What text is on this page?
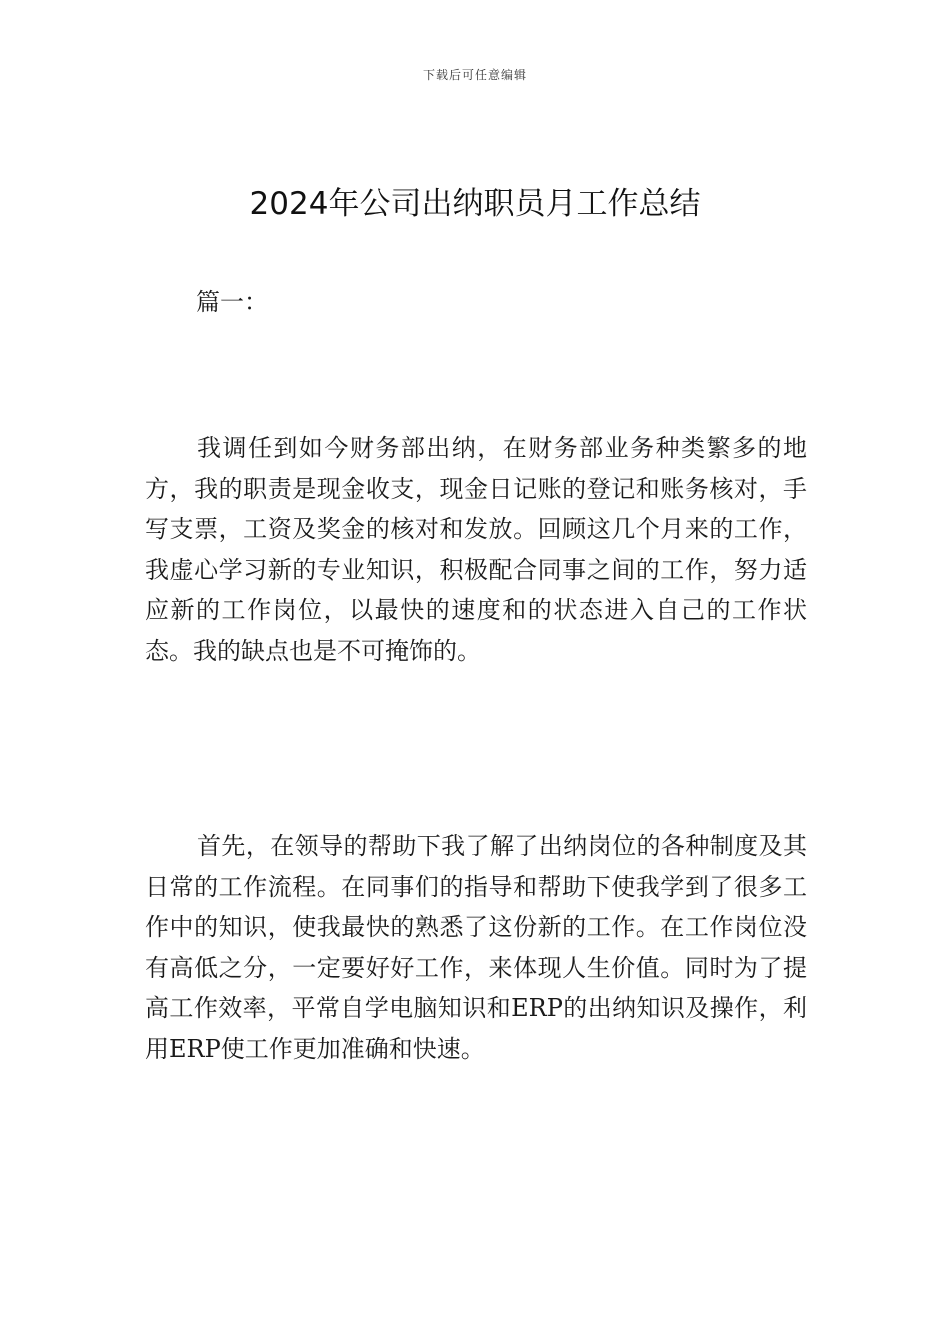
下载后可任意编辑
2024年公司出纳职员月工作总结
篇一：

我调任到如今财务部出纳，在财务部业务种类繁多的地方，我的职责是现金收支，现金日记账的登记和账务核对，手写支票，工资及奖金的核对和发放。回顾这几个月来的工作，我虚心学习新的专业知识，积极配合同事之间的工作，努力适应新的工作岗位，以最快的速度和的状态进入自己的工作状态。我的缺点也是不可掩饰的。

首先，在领导的帮助下我了解了出纳岗位的各种制度及其日常的工作流程。在同事们的指导和帮助下使我学到了很多工作中的知识，使我最快的熟悉了这份新的工作。在工作岗位没有高低之分，一定要好好工作，来体现人生价值。同时为了提高工作效率，平常自学电脑知识和ERP的出纳知识及操作，利用ERP使工作更加准确和快速。
